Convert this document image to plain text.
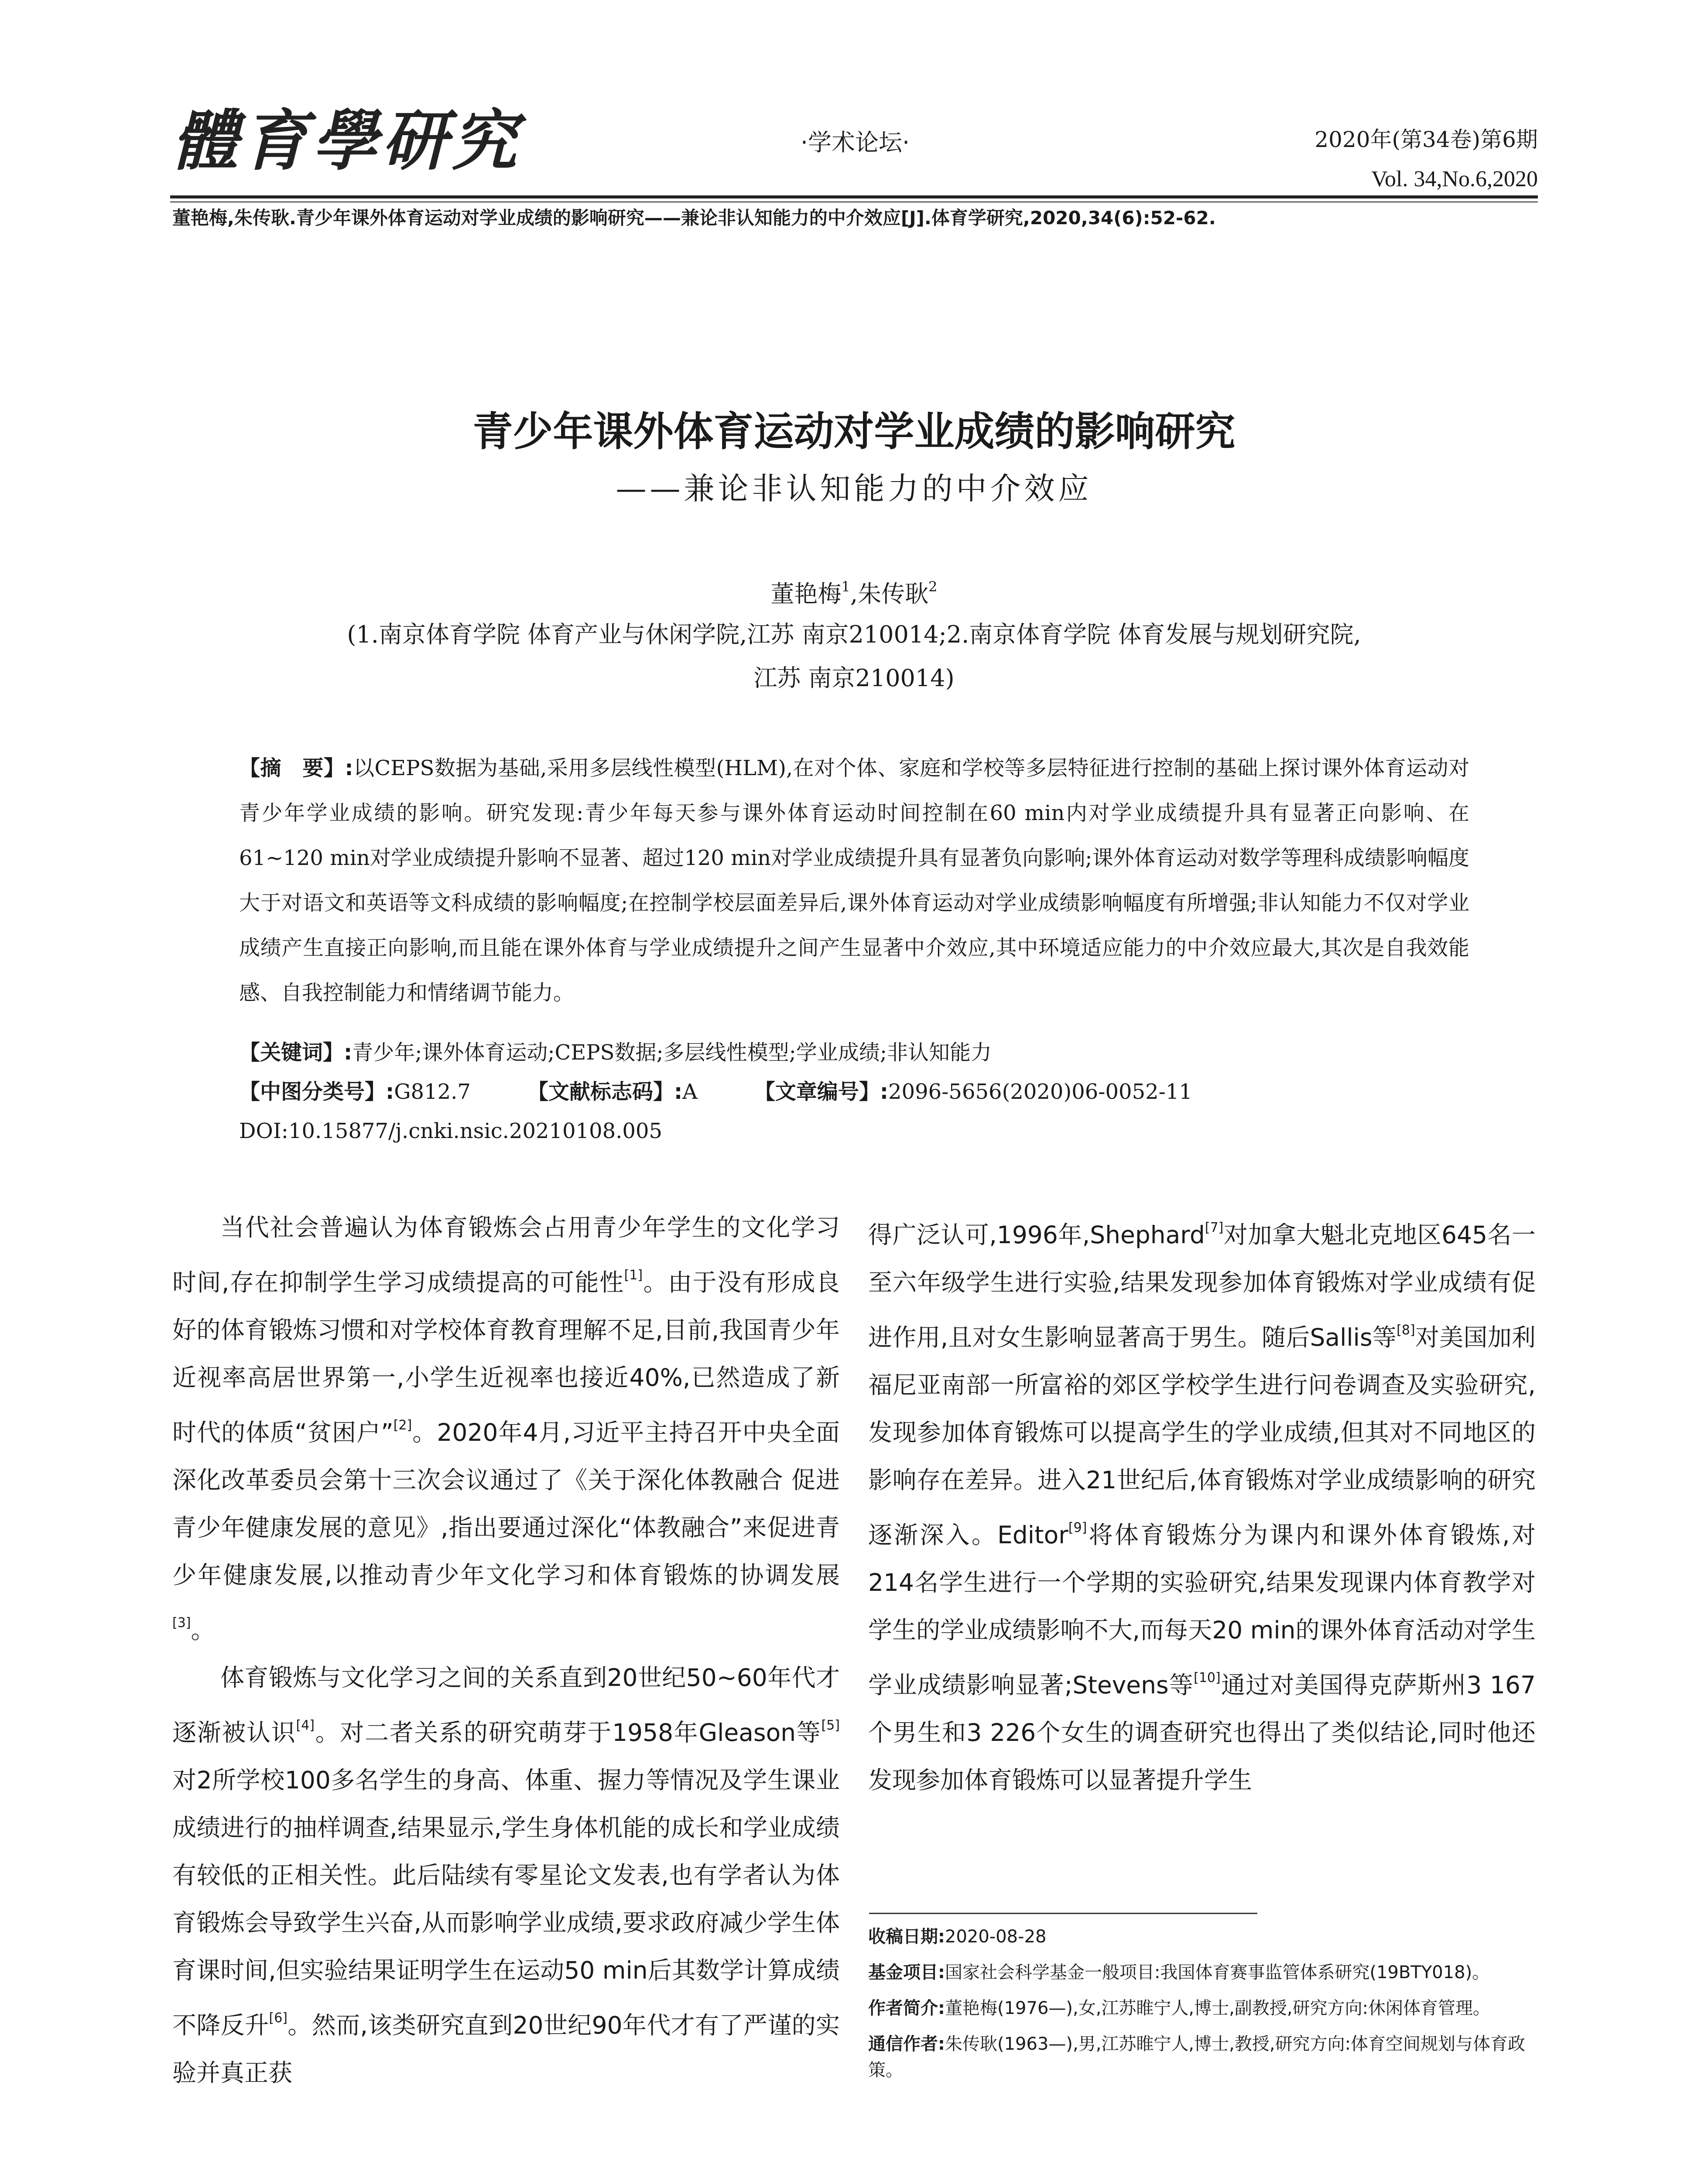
體育學研究	·学术论坛·	2020年(第34卷)第6期
Vol. 34,No.6,2020
董艳梅,朱传耿.青少年课外体育运动对学业成绩的影响研究——兼论非认知能力的中介效应[J].体育学研究,2020,34(6):52-62.
青少年课外体育运动对学业成绩的影响研究
——兼论非认知能力的中介效应
董艳梅$^1$,朱传耿$^2$
(1.南京体育学院 体育产业与休闲学院,江苏 南京210014;2.南京体育学院 体育发展与规划研究院,
江苏 南京210014)
【摘　要】:以CEPS数据为基础,采用多层线性模型(HLM),在对个体、家庭和学校等多层特征进行控制的基础上探讨课外体育运动对青少年学业成绩的影响。研究发现:青少年每天参与课外体育运动时间控制在60 min内对学业成绩提升具有显著正向影响、在61~120 min对学业成绩提升影响不显著、超过120 min对学业成绩提升具有显著负向影响;课外体育运动对数学等理科成绩影响幅度大于对语文和英语等文科成绩的影响幅度;在控制学校层面差异后,课外体育运动对学业成绩影响幅度有所增强;非认知能力不仅对学业成绩产生直接正向影响,而且能在课外体育与学业成绩提升之间产生显著中介效应,其中环境适应能力的中介效应最大,其次是自我效能感、自我控制能力和情绪调节能力。
【关键词】:青少年;课外体育运动;CEPS数据;多层线性模型;学业成绩;非认知能力
【中图分类号】:G812.7	【文献标志码】:A	【文章编号】:2096-5656(2020)06-0052-11
DOI:10.15877/j.cnki.nsic.20210108.005

当代社会普遍认为体育锻炼会占用青少年学生的文化学习时间,存在抑制学生学习成绩提高的可能性[1]。由于没有形成良好的体育锻炼习惯和对学校体育教育理解不足,目前,我国青少年近视率高居世界第一,小学生近视率也接近40%,已然造成了新时代的体质“贫困户”[2]。2020年4月,习近平主持召开中央全面深化改革委员会第十三次会议通过了《关于深化体教融合 促进青少年健康发展的意见》,指出要通过深化“体教融合”来促进青少年健康发展,以推动青少年文化学习和体育锻炼的协调发展[3]。

体育锻炼与文化学习之间的关系直到20世纪50~60年代才逐渐被认识[4]。对二者关系的研究萌芽于1958年Gleason等[5]对2所学校100多名学生的身高、体重、握力等情况及学生课业成绩进行的抽样调查,结果显示,学生身体机能的成长和学业成绩有较低的正相关性。此后陆续有零星论文发表,也有学者认为体育锻炼会导致学生兴奋,从而影响学业成绩,要求政府减少学生体育课时间,但实验结果证明学生在运动50 min后其数学计算成绩不降反升[6]。然而,该类研究直到20世纪90年代才有了严谨的实验并真正获

得广泛认可,1996年,Shephard[7]对加拿大魁北克地区645名一至六年级学生进行实验,结果发现参加体育锻炼对学业成绩有促进作用,且对女生影响显著高于男生。随后Sallis等[8]对美国加利福尼亚南部一所富裕的郊区学校学生进行问卷调查及实验研究,发现参加体育锻炼可以提高学生的学业成绩,但其对不同地区的影响存在差异。进入21世纪后,体育锻炼对学业成绩影响的研究逐渐深入。Editor[9]将体育锻炼分为课内和课外体育锻炼,对214名学生进行一个学期的实验研究,结果发现课内体育教学对学生的学业成绩影响不大,而每天20 min的课外体育活动对学生学业成绩影响显著;Stevens等[10]通过对美国得克萨斯州3 167个男生和3 226个女生的调查研究也得出了类似结论,同时他还发现参加体育锻炼可以显著提升学生

收稿日期:2020-08-28
基金项目:国家社会科学基金一般项目:我国体育赛事监管体系研究(19BTY018)。
作者简介:董艳梅(1976—),女,江苏睢宁人,博士,副教授,研究方向:休闲体育管理。
通信作者:朱传耿(1963—),男,江苏睢宁人,博士,教授,研究方向:体育空间规划与体育政策。
